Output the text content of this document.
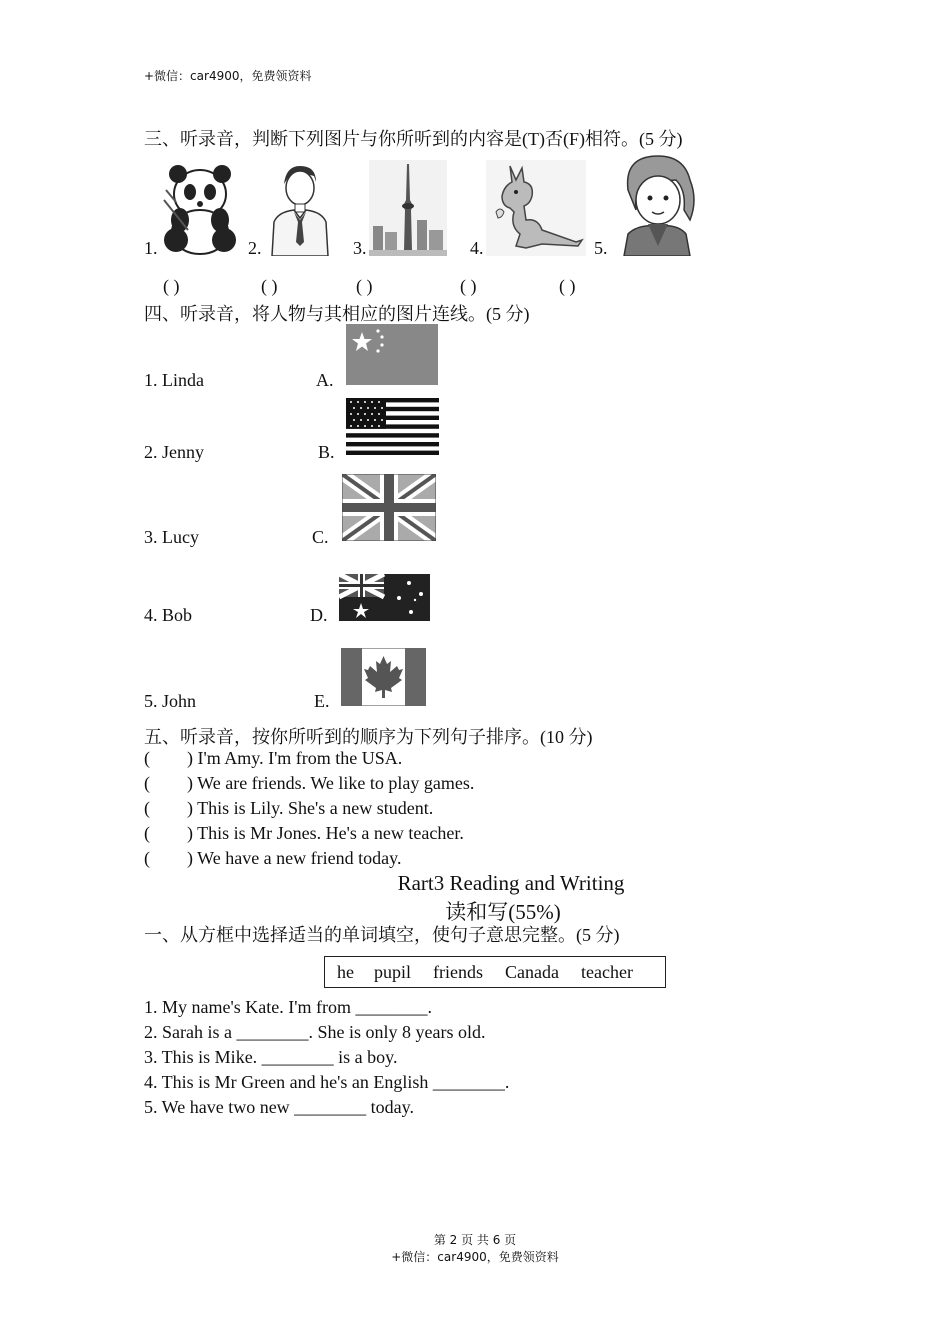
+微信：car4900，免费领资料
三、听录音，判断下列图片与你所听到的内容是(T)否(F)相符。(5 分)
1.	2.	3.	4.	5.
( )	( )	( )	( )	( )
四、听录音，将人物与其相应的图片连线。(5 分)
1. Linda	A.
2. Jenny	B.
3. Lucy	C.
4. Bob	D.
5. John	E.
五、听录音，按你所听到的顺序为下列句子排序。(10 分)
( ) I'm Amy. I'm from the USA.
( ) We are friends. We like to play games.
( ) This is Lily. She's a new student.
( ) This is Mr Jones. He's a new teacher.
( ) We have a new friend today.
Rart3 Reading and Writing
读和写(55%)
一、从方框中选择适当的单词填空，使句子意思完整。(5 分)
he pupil friends Canada teacher
1. My name's Kate. I'm from ________.
2. Sarah is a ________. She is only 8 years old.
3. This is Mike. ________ is a boy.
4. This is Mr Green and he's an English ________.
5. We have two new ________ today.
第 2 页 共 6 页
+微信：car4900，免费领资料
